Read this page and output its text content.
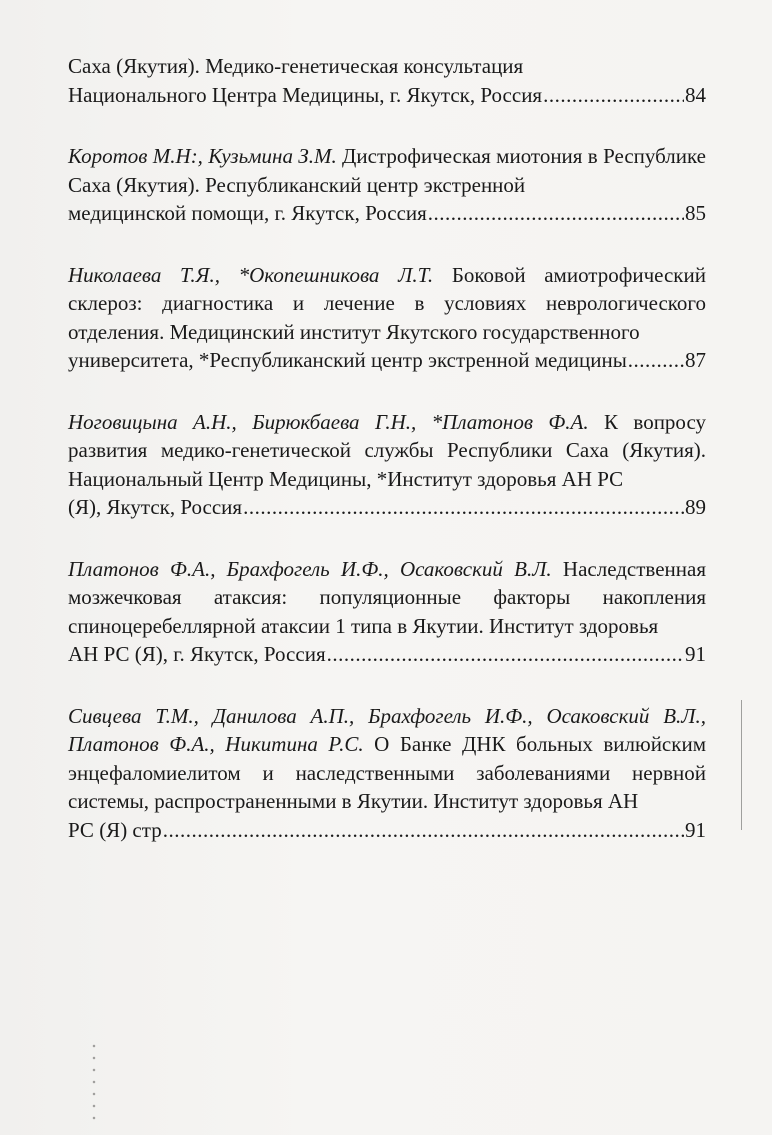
Саха (Якутия). Медико-генетическая консультация
Национального Центра Медицины, г. Якутск, Россия .....	84

Коротов М.Н:, Кузьмина З.М. Дистрофическая миотония в Республике Саха (Якутия). Республиканский центр экстренной
медицинской помощи, г. Якутск, Россия .....	85

Николаева Т.Я., *Окопешникова Л.Т. Боковой амиотрофический склероз: диагностика и лечение в условиях неврологического отделения. Медицинский институт Якутского государственного
университета, *Республиканский центр экстренной медицины .....	87

Ноговицына А.Н., Бирюкбаева Г.Н., *Платонов Ф.А. К вопросу развития медико-генетической службы Республики Саха (Якутия). Национальный Центр Медицины, *Институт здоровья АН РС
(Я), Якутск, Россия .....	89

Платонов Ф.А., Брахфогель И.Ф., Осаковский В.Л. Наследственная мозжечковая атаксия: популяционные факторы накопления спиноцеребеллярной атаксии 1 типа в Якутии. Институт здоровья
АН РС (Я), г. Якутск, Россия .....	91

Сивцева Т.М., Данилова А.П., Брахфогель И.Ф., Осаковский В.Л., Платонов Ф.А., Никитина Р.С. О Банке ДНК больных вилюйским энцефаломиелитом и наследственными заболеваниями нервной системы, распространенными в Якутии. Институт здоровья АН
РС (Я) стр .....	91
